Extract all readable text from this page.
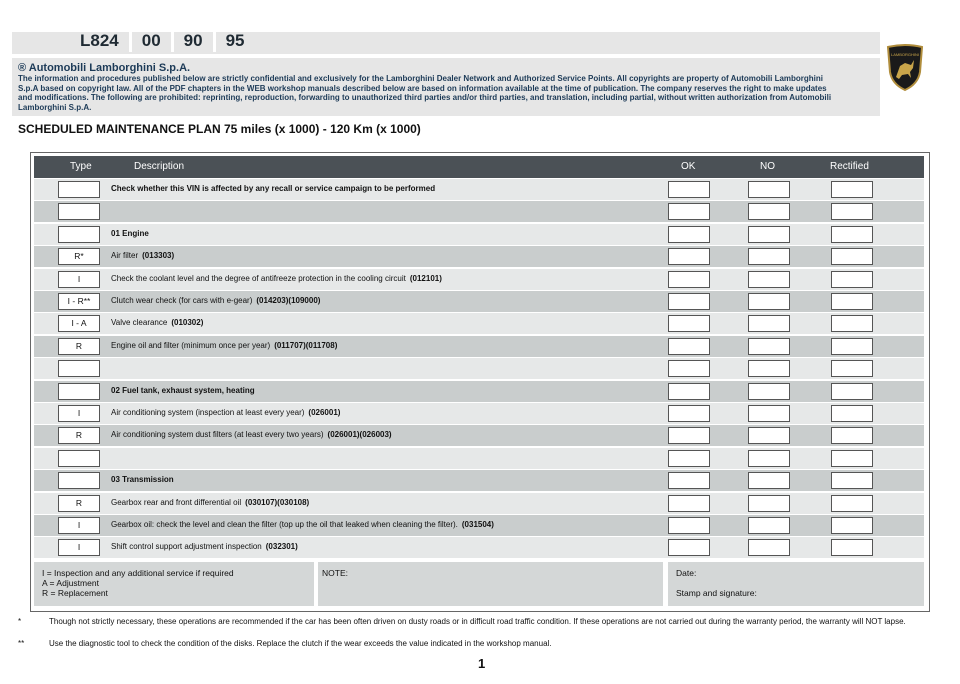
L824	00	90	95
LAMBORGHINI
® Automobili Lamborghini S.p.A.
The information and procedures published below are strictly confidential and exclusively for the Lamborghini Dealer Network and Authorized Service Points. All copyrights are property of Automobili Lamborghini S.p.A based on copyright law. All of the PDF chapters in the WEB workshop manuals described below are based on information available at the time of publication. The company reserves the right to make updates and modifications. The following are prohibited: reprinting, reproduction, forwarding to unauthorized third parties and/or third parties, and translation, including partial, without written authorization from Automobili Lamborghini S.p.A.
SCHEDULED MAINTENANCE PLAN 75 miles (x 1000) - 120 Km (x 1000)
Type	Description	OK	NO	Rectified
Check whether this VIN is affected by any recall or service campaign to be performed
01 Engine
R*	Air filter (013303)
I	Check the coolant level and the degree of antifreeze protection in the cooling circuit (012101)
I - R**	Clutch wear check (for cars with e-gear) (014203)(109000)
I - A	Valve clearance (010302)
R	Engine oil and filter (minimum once per year) (011707)(011708)
02 Fuel tank, exhaust system, heating
I	Air conditioning system (inspection at least every year) (026001)
R	Air conditioning system dust filters (at least every two years) (026001)(026003)
03 Transmission
R	Gearbox rear and front differential oil (030107)(030108)
I	Gearbox oil: check the level and clean the filter (top up the oil that leaked when cleaning the filter). (031504)
I	Shift control support adjustment inspection (032301)
I = Inspection and any additional service if required
A = Adjustment
R = Replacement
NOTE:	Date:
Stamp and signature:
*	Though not strictly necessary, these operations are recommended if the car has been often driven on dusty roads or in difficult road traffic condition. If these operations are not carried out during the warranty period, the warranty will NOT lapse.
**	Use the diagnostic tool to check the condition of the disks. Replace the clutch if the wear exceeds the value indicated in the workshop manual.
1
